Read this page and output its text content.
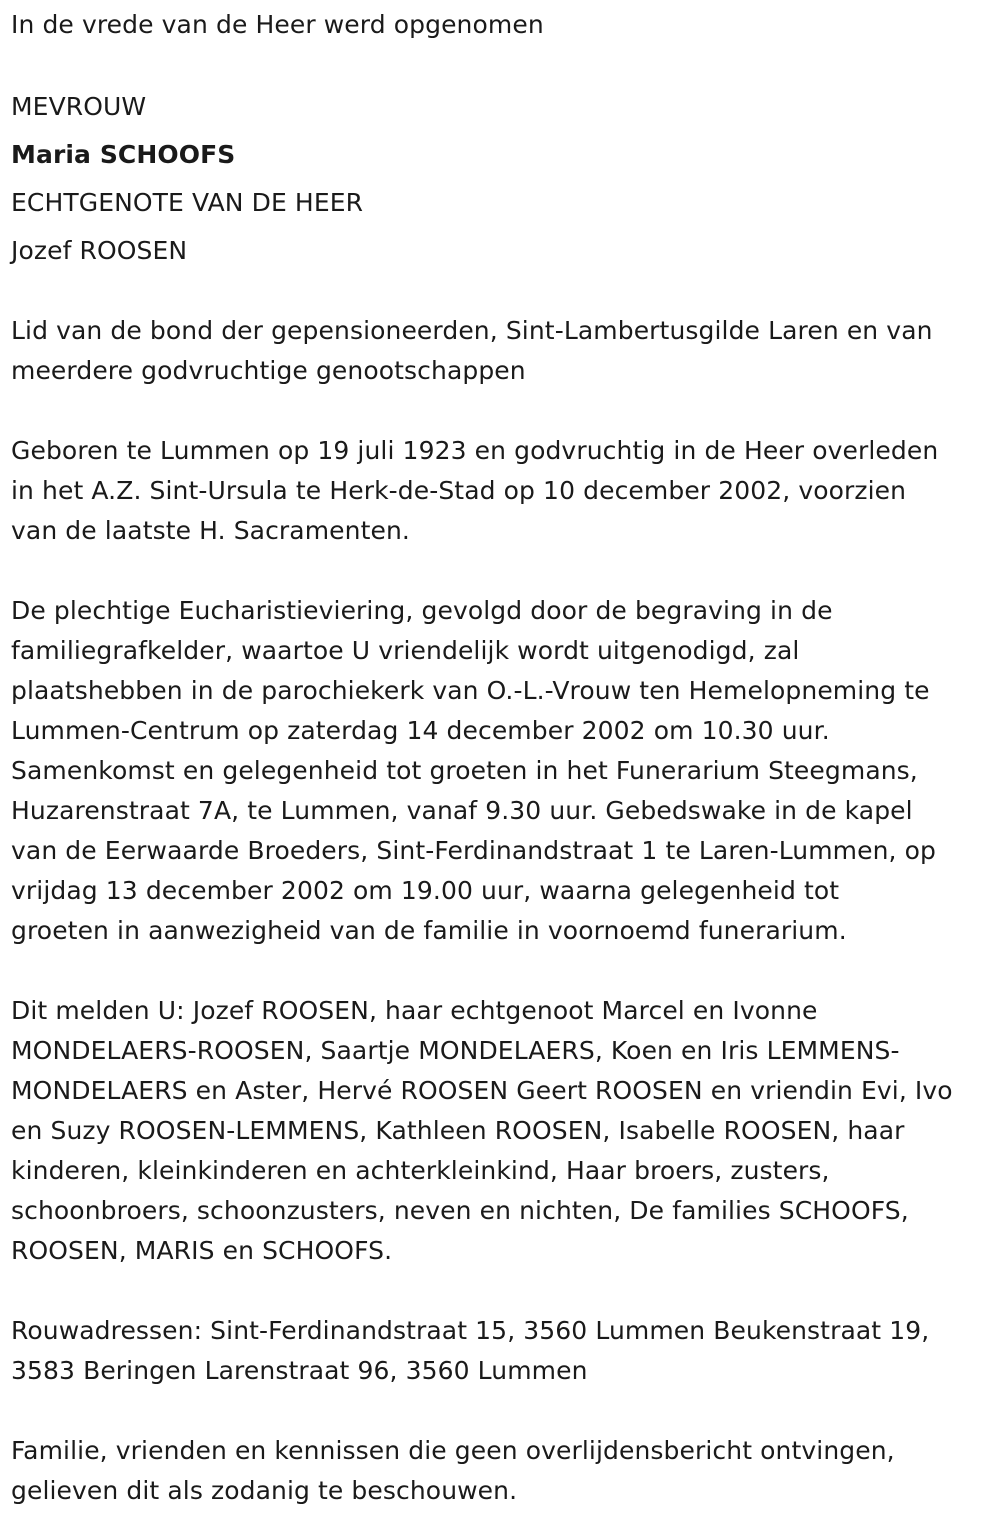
In de vrede van de Heer werd opgenomen
MEVROUW
Maria SCHOOFS
ECHTGENOTE VAN DE HEER
Jozef ROOSEN
Lid van de bond der gepensioneerden, Sint-Lambertusgilde Laren en van
meerdere godvruchtige genootschappen
Geboren te Lummen op 19 juli 1923 en godvruchtig in de Heer overleden
in het A.Z. Sint-Ursula te Herk-de-Stad op 10 december 2002, voorzien
van de laatste H. Sacramenten.
De plechtige Eucharistieviering, gevolgd door de begraving in de
familiegrafkelder, waartoe U vriendelijk wordt uitgenodigd, zal
plaatshebben in de parochiekerk van O.-L.-Vrouw ten Hemelopneming te
Lummen-Centrum op zaterdag 14 december 2002 om 10.30 uur.
Samenkomst en gelegenheid tot groeten in het Funerarium Steegmans,
Huzarenstraat 7A, te Lummen, vanaf 9.30 uur. Gebedswake in de kapel
van de Eerwaarde Broeders, Sint-Ferdinandstraat 1 te Laren-Lummen, op
vrijdag 13 december 2002 om 19.00 uur, waarna gelegenheid tot
groeten in aanwezigheid van de familie in voornoemd funerarium.
Dit melden U: Jozef ROOSEN, haar echtgenoot Marcel en Ivonne
MONDELAERS-ROOSEN, Saartje MONDELAERS, Koen en Iris LEMMENS-
MONDELAERS en Aster, Hervé ROOSEN Geert ROOSEN en vriendin Evi, Ivo
en Suzy ROOSEN-LEMMENS, Kathleen ROOSEN, Isabelle ROOSEN, haar
kinderen, kleinkinderen en achterkleinkind, Haar broers, zusters,
schoonbroers, schoonzusters, neven en nichten, De families SCHOOFS,
ROOSEN, MARIS en SCHOOFS.
Rouwadressen: Sint-Ferdinandstraat 15, 3560 Lummen Beukenstraat 19,
3583 Beringen Larenstraat 96, 3560 Lummen
Familie, vrienden en kennissen die geen overlijdensbericht ontvingen,
gelieven dit als zodanig te beschouwen.
